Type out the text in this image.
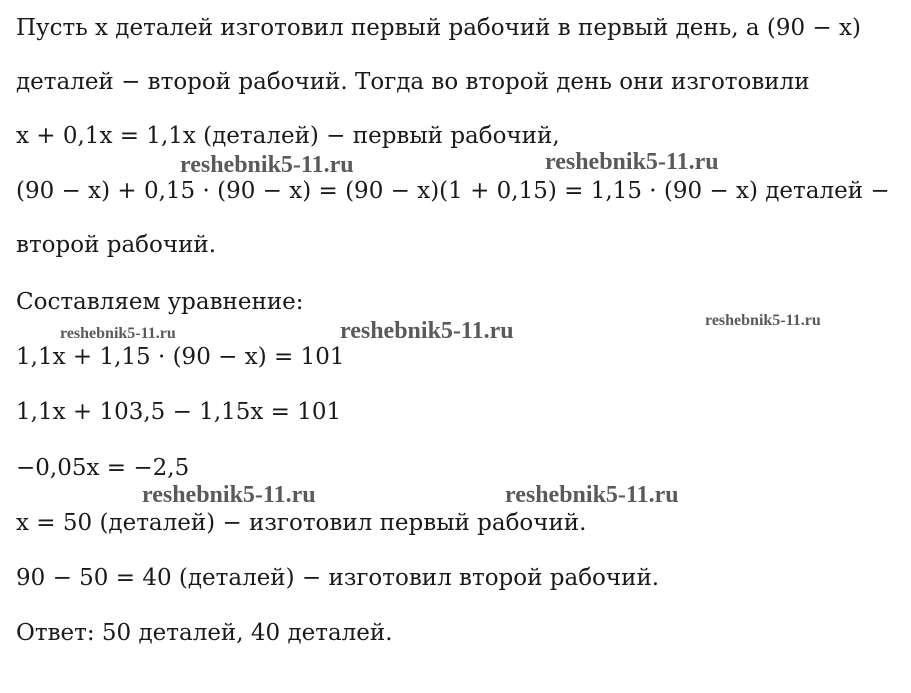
Пусть x деталей изготовил первый рабочий в первый день, а (90 − x)
деталей − второй рабочий. Тогда во второй день они изготовили
x + 0,1x = 1,1x (деталей) − первый рабочий,
(90 − x) + 0,15 · (90 − x) = (90 − x)(1 + 0,15) = 1,15 · (90 − x) деталей −
второй рабочий.
Составляем уравнение:
1,1x + 1,15 · (90 − x) = 101
1,1x + 103,5 − 1,15x = 101
−0,05x = −2,5
x = 50 (деталей) − изготовил первый рабочий.
90 − 50 = 40 (деталей) − изготовил второй рабочий.
Ответ: 50 деталей, 40 деталей.
reshebnik5-11.ru	reshebnik5-11.ru
reshebnik5-11.ru	reshebnik5-11.ru	reshebnik5-11.ru
reshebnik5-11.ru	reshebnik5-11.ru
